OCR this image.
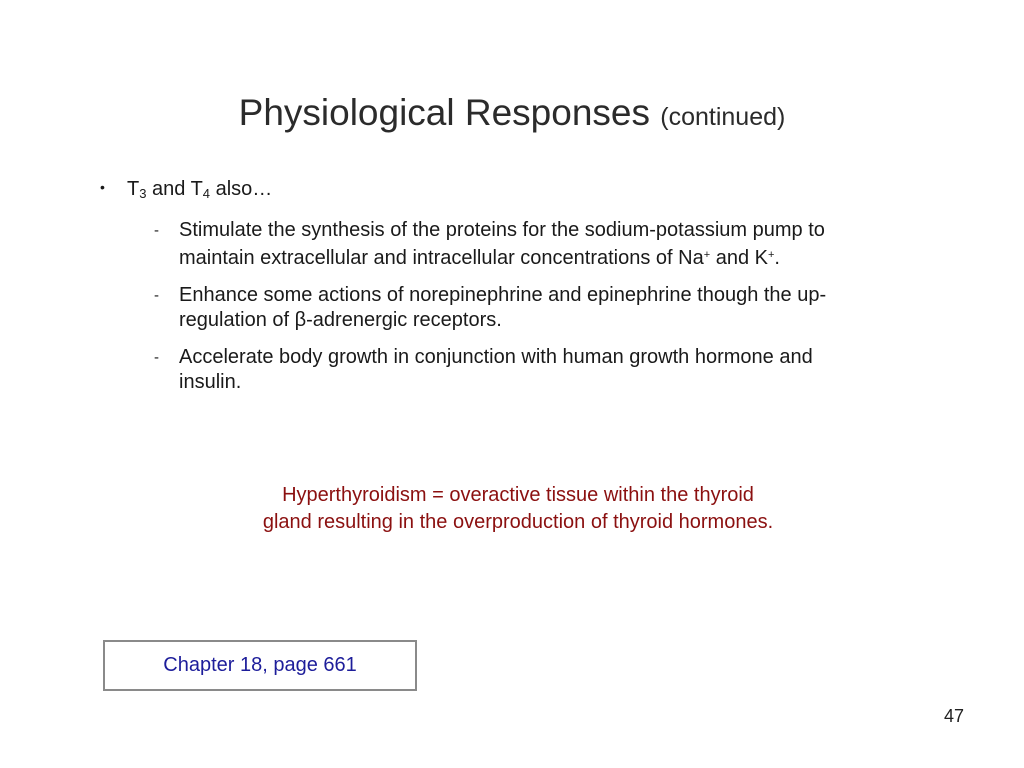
Physiological Responses (continued)
• $T_3$ and $T_4$ also…
- Stimulate the synthesis of the proteins for the sodium-potassium pump to maintain extracellular and intracellular concentrations of Na+ and K+.
- Enhance some actions of norepinephrine and epinephrine though the up-regulation of β-adrenergic receptors.
- Accelerate body growth in conjunction with human growth hormone and insulin.
Hyperthyroidism = overactive tissue within the thyroid
gland resulting in the overproduction of thyroid hormones.
Chapter 18, page 661
47
